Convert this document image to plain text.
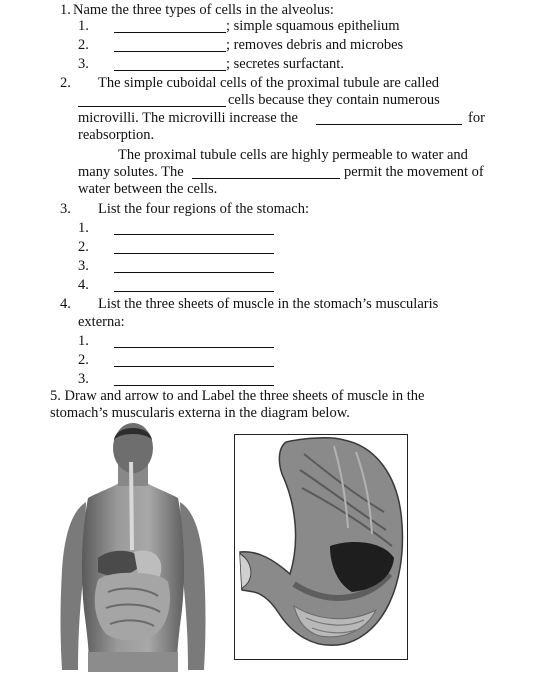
1. Name the three types of cells in the alveolus:
1.	; simple squamous epithelium
2.	; removes debris and microbes
3.	; secretes surfactant.
2. The simple cuboidal cells of the proximal tubule are called
cells because they contain numerous
microvilli. The microvilli increase the	for
reabsorption.
The proximal tubule cells are highly permeable to water and
many solutes. The	permit the movement of
water between the cells.
3. List the four regions of the stomach:
1.
2.
3.
4.
4. List the three sheets of muscle in the stomach’s muscularis
externa:
1.
2.
3.
5. Draw and arrow to and Label the three sheets of muscle in the
stomach’s muscularis externa in the diagram below.
